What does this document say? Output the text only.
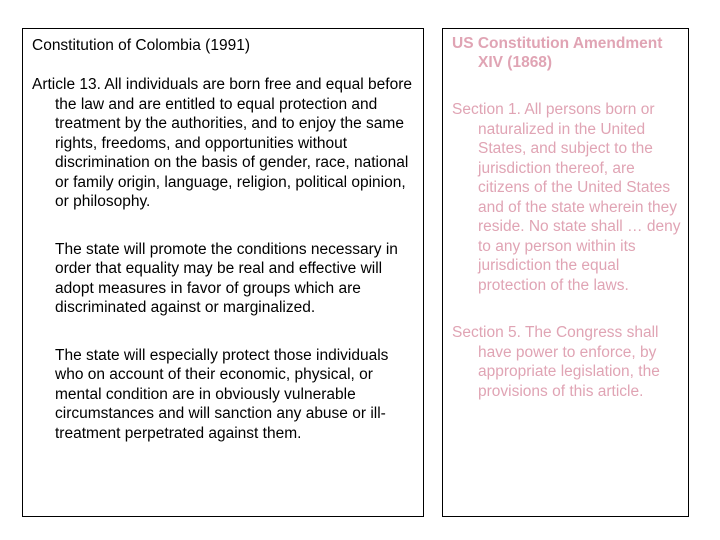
Constitution of Colombia (1991)

Article 13. All individuals are born free and equal before the law and are entitled to equal protection and treatment by the authorities, and to enjoy the same rights, freedoms, and opportunities without discrimination on the basis of gender, race, national or family origin, language, religion, political opinion, or philosophy.

The state will promote the conditions necessary in order that equality may be real and effective will adopt measures in favor of groups which are discriminated against or marginalized.

The state will especially protect those individuals who on account of their economic, physical, or mental condition are in obviously vulnerable circumstances and will sanction any abuse or ill-treatment perpetrated against them.

US Constitution Amendment XIV (1868)

Section 1. All persons born or naturalized in the United States, and subject to the jurisdiction thereof, are citizens of the United States and of the state wherein they reside. No state shall … deny to any person within its jurisdiction the equal protection of the laws.

Section 5. The Congress shall have power to enforce, by appropriate legislation, the provisions of this article.
